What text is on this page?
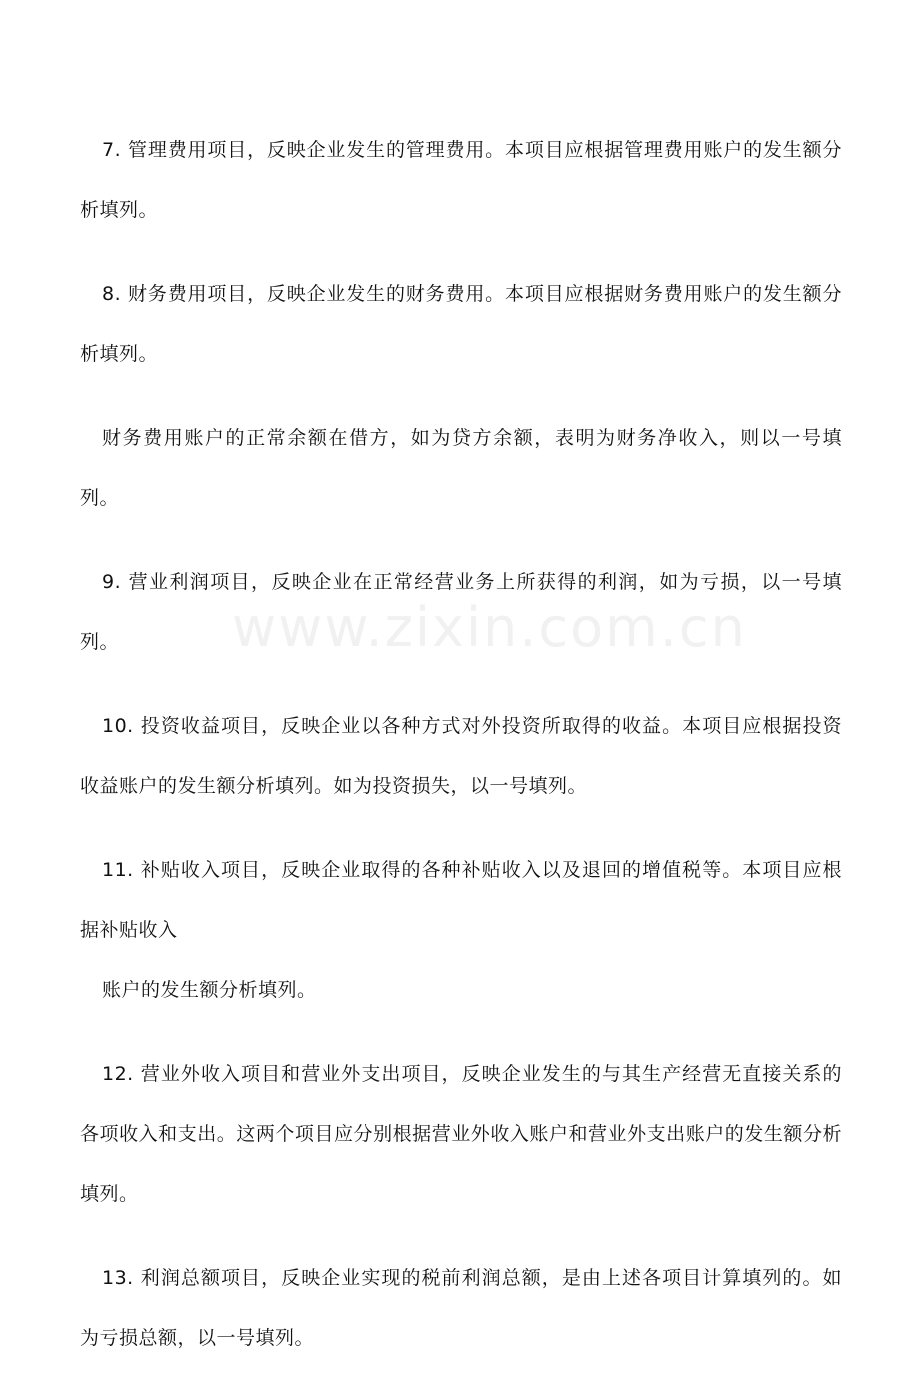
www.zixin.com.cn

7. 管理费用项目，反映企业发生的管理费用。本项目应根据管理费用账户的发生额分析填列。

8. 财务费用项目，反映企业发生的财务费用。本项目应根据财务费用账户的发生额分析填列。

财务费用账户的正常余额在借方，如为贷方余额，表明为财务净收入，则以一号填列。

9. 营业利润项目，反映企业在正常经营业务上所获得的利润，如为亏损，以一号填列。

10. 投资收益项目，反映企业以各种方式对外投资所取得的收益。本项目应根据投资收益账户的发生额分析填列。如为投资损失，以一号填列。

11. 补贴收入项目，反映企业取得的各种补贴收入以及退回的增值税等。本项目应根据补贴收入

账户的发生额分析填列。

12. 营业外收入项目和营业外支出项目，反映企业发生的与其生产经营无直接关系的各项收入和支出。这两个项目应分别根据营业外收入账户和营业外支出账户的发生额分析填列。

13. 利润总额项目，反映企业实现的税前利润总额，是由上述各项目计算填列的。如为亏损总额，以一号填列。
